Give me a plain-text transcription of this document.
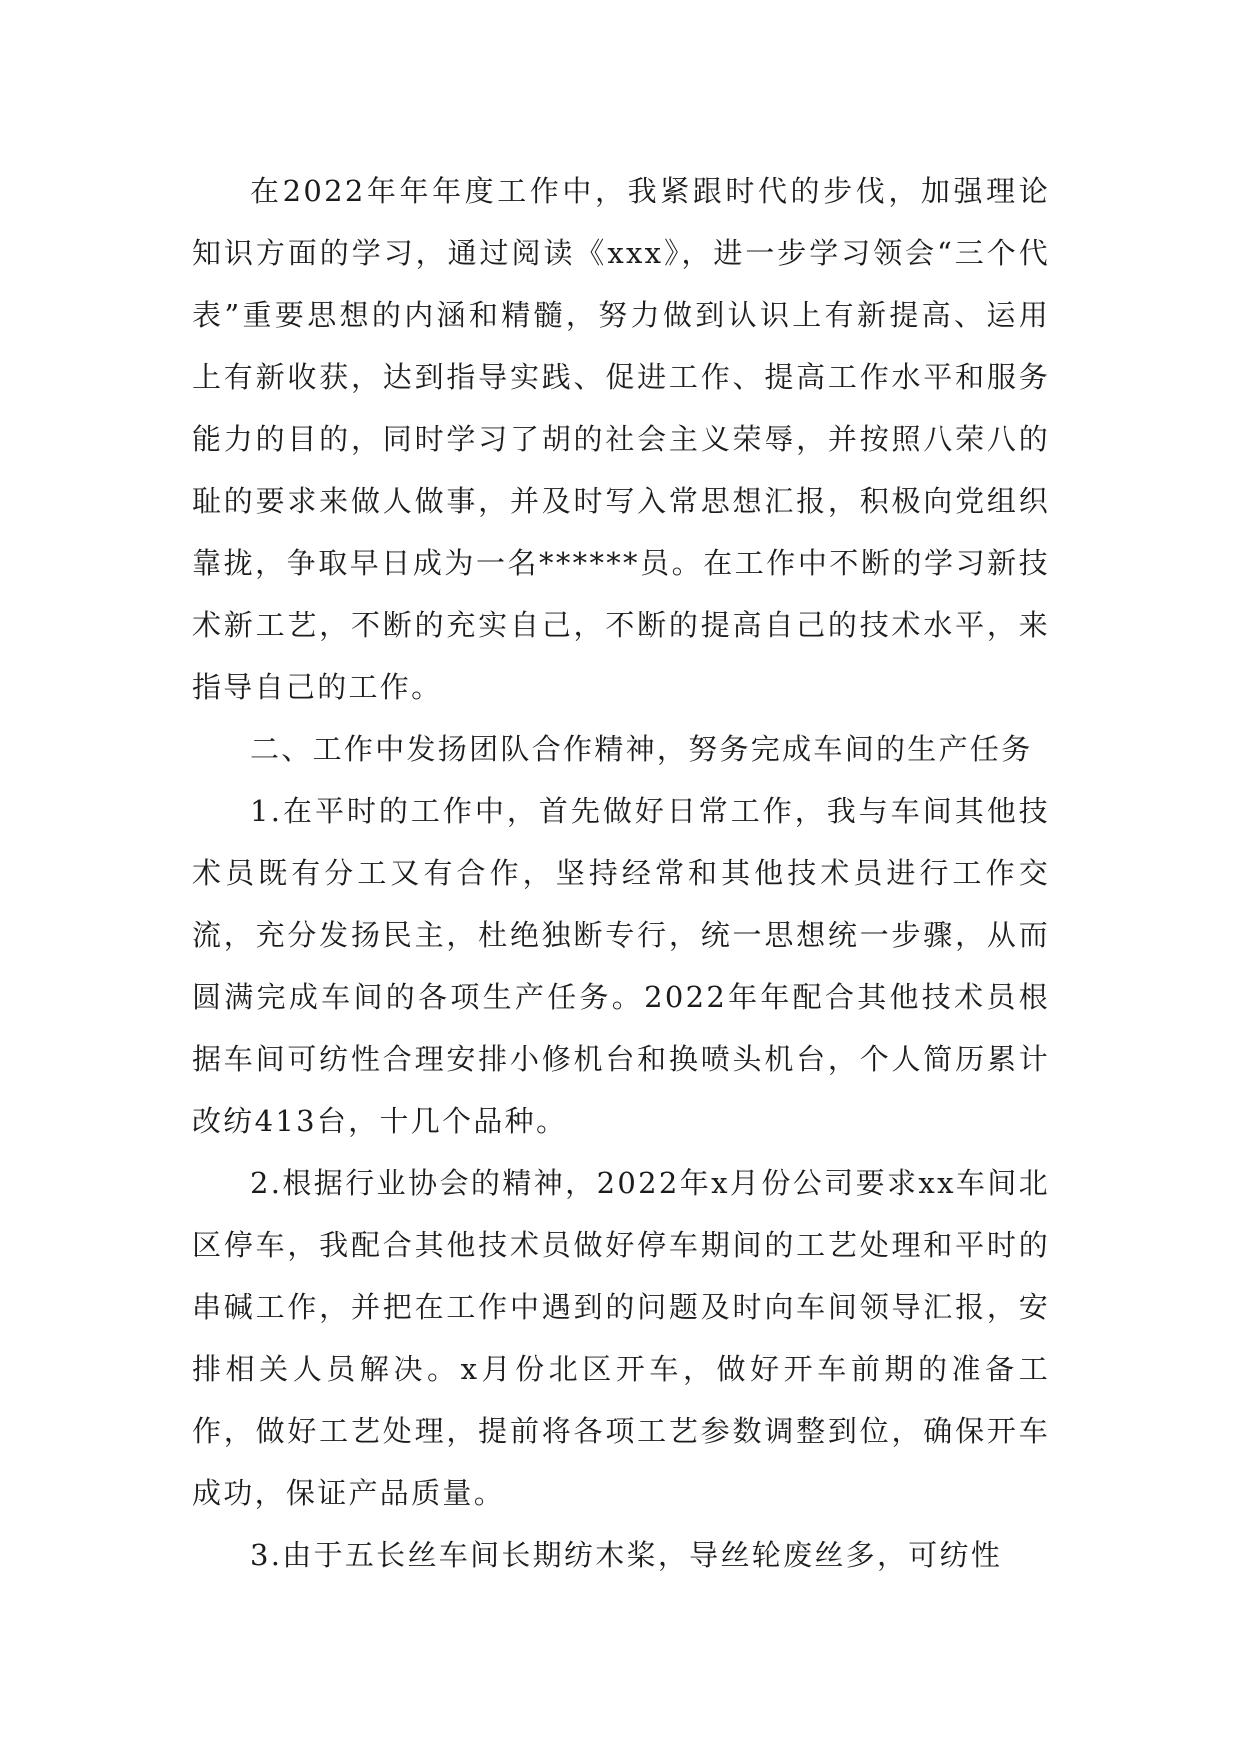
在2022年年年度工作中，我紧跟时代的步伐，加强理论知识方面的学习，通过阅读《xxx》，进一步学习领会“三个代表”重要思想的内涵和精髓，努力做到认识上有新提高、运用上有新收获，达到指导实践、促进工作、提高工作水平和服务能力的目的，同时学习了胡的社会主义荣辱，并按照八荣八的耻的要求来做人做事，并及时写入常思想汇报，积极向党组织靠拢，争取早日成为一名******员。在工作中不断的学习新技术新工艺，不断的充实自己，不断的提高自己的技术水平，来指导自己的工作。

二、工作中发扬团队合作精神，努务完成车间的生产任务

1.在平时的工作中，首先做好日常工作，我与车间其他技术员既有分工又有合作，坚持经常和其他技术员进行工作交流，充分发扬民主，杜绝独断专行，统一思想统一步骤，从而圆满完成车间的各项生产任务。2022年年配合其他技术员根据车间可纺性合理安排小修机台和换喷头机台，个人简历累计改纺413台，十几个品种。

2.根据行业协会的精神，2022年x月份公司要求xx车间北区停车，我配合其他技术员做好停车期间的工艺处理和平时的串碱工作，并把在工作中遇到的问题及时向车间领导汇报，安排相关人员解决。x月份北区开车，做好开车前期的准备工作，做好工艺处理，提前将各项工艺参数调整到位，确保开车成功，保证产品质量。

3.由于五长丝车间长期纺木桨，导丝轮废丝多，可纺性
